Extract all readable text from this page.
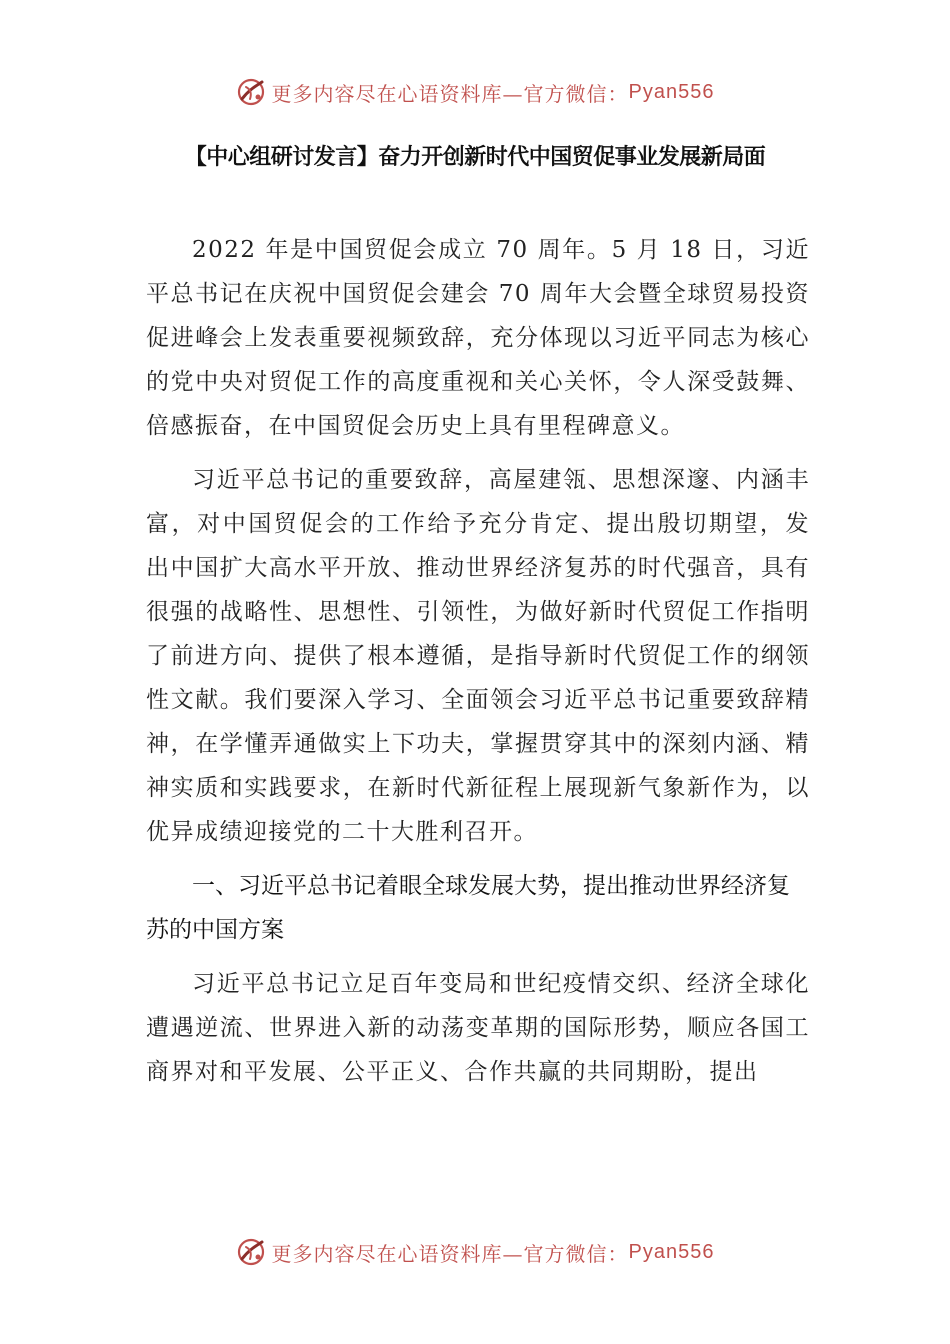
更多内容尽在心语资料库—官方微信： Pyan556
【中心组研讨发言】奋力开创新时代中国贸促事业发展新局面

2022 年是中国贸促会成立 70 周年。5 月 18 日，习近平总书记在庆祝中国贸促会建会 70 周年大会暨全球贸易投资促进峰会上发表重要视频致辞，充分体现以习近平同志为核心的党中央对贸促工作的高度重视和关心关怀，令人深受鼓舞、倍感振奋，在中国贸促会历史上具有里程碑意义。

习近平总书记的重要致辞，高屋建瓴、思想深邃、内涵丰富，对中国贸促会的工作给予充分肯定、提出殷切期望，发 出中国扩大高水平开放、推动世界经济复苏的时代强音，具有很强的战略性、思想性、引领性，为做好新时代贸促工作指明了前进方向、提供了根本遵循，是指导新时代贸促工作的纲领性文献。我们要深入学习、全面领会习近平总书记重要致辞精神，在学懂弄通做实上下功夫，掌握贯穿其中的深刻内涵、精神实质和实践要求，在新时代新征程上展现新气象新作为，以优异成绩迎接党的二十大胜利召开。

一、习近平总书记着眼全球发展大势，提出推动世界经济复苏的中国方案

习近平总书记立足百年变局和世纪疫情交织、经济全球化遭遇逆流、世界进入新的动荡变革期的国际形势，顺应各国工商界对和平发展、公平正义、合作共赢的共同期盼，提出

更多内容尽在心语资料库—官方微信： Pyan556
